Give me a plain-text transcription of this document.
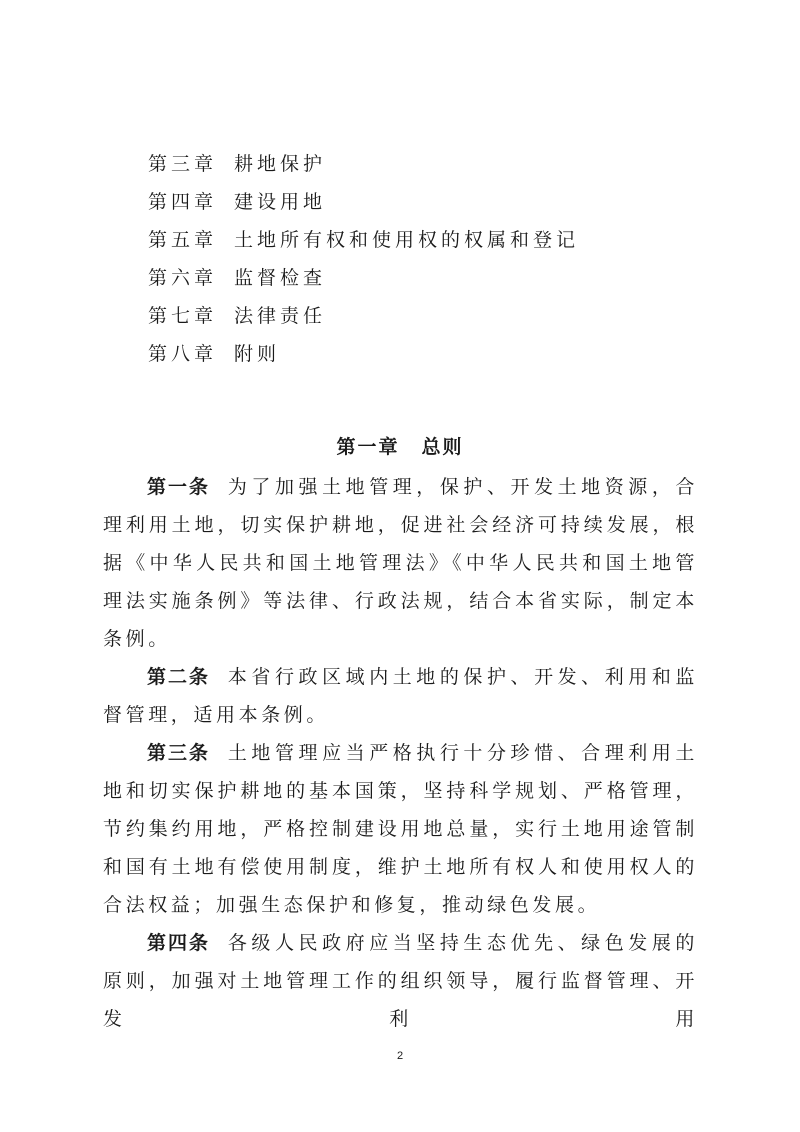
第三章 耕地保护
第四章 建设用地
第五章 土地所有权和使用权的权属和登记
第六章 监督检查
第七章 法律责任
第八章 附则
第一章 总则

第一条 为了加强土地管理，保护、开发土地资源，合理利用土地，切实保护耕地，促进社会经济可持续发展，根据《中华人民共和国土地管理法》《中华人民共和国土地管理法实施条例》等法律、行政法规，结合本省实际，制定本条例。

第二条 本省行政区域内土地的保护、开发、利用和监督管理，适用本条例。

第三条 土地管理应当严格执行十分珍惜、合理利用土地和切实保护耕地的基本国策，坚持科学规划、严格管理，节约集约用地，严格控制建设用地总量，实行土地用途管制和国有土地有偿使用制度，维护土地所有权人和使用权人的合法权益；加强生态保护和修复，推动绿色发展。

第四条 各级人民政府应当坚持生态优先、绿色发展的原则，加强对土地管理工作的组织领导，履行监督管理、开发利用

2
